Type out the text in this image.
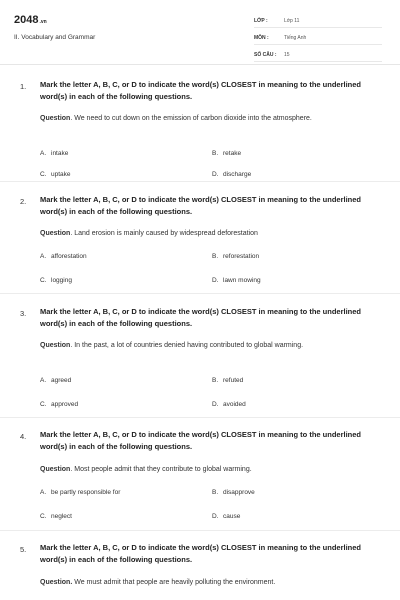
2048.vn
II. Vocabulary and Grammar
LỚP :	Lớp 11
MÔN :	Tiếng Anh
SỐ CÂU :	15
1. Mark the letter A, B, C, or D to indicate the word(s) CLOSEST in meaning to the underlined word(s) in each of the following questions.
Question. We need to cut down on the emission of carbon dioxide into the atmosphere.
A. intake	B. retake
C. uptake	D. discharge
2. Mark the letter A, B, C, or D to indicate the word(s) CLOSEST in meaning to the underlined word(s) in each of the following questions.
Question. Land erosion is mainly caused by widespread deforestation
A. afforestation	B. reforestation
C. logging	D. lawn mowing
3. Mark the letter A, B, C, or D to indicate the word(s) CLOSEST in meaning to the underlined word(s) in each of the following questions.
Question. In the past, a lot of countries denied having contributed to global warming.
A. agreed	B. refuted
C. approved	D. avoided
4. Mark the letter A, B, C, or D to indicate the word(s) CLOSEST in meaning to the underlined word(s) in each of the following questions.
Question. Most people admit that they contribute to global warming.
A. be partly responsible for	B. disapprove
C. neglect	D. cause
5. Mark the letter A, B, C, or D to indicate the word(s) CLOSEST in meaning to the underlined word(s) in each of the following questions.
Question. We must admit that people are heavily polluting the environment.
